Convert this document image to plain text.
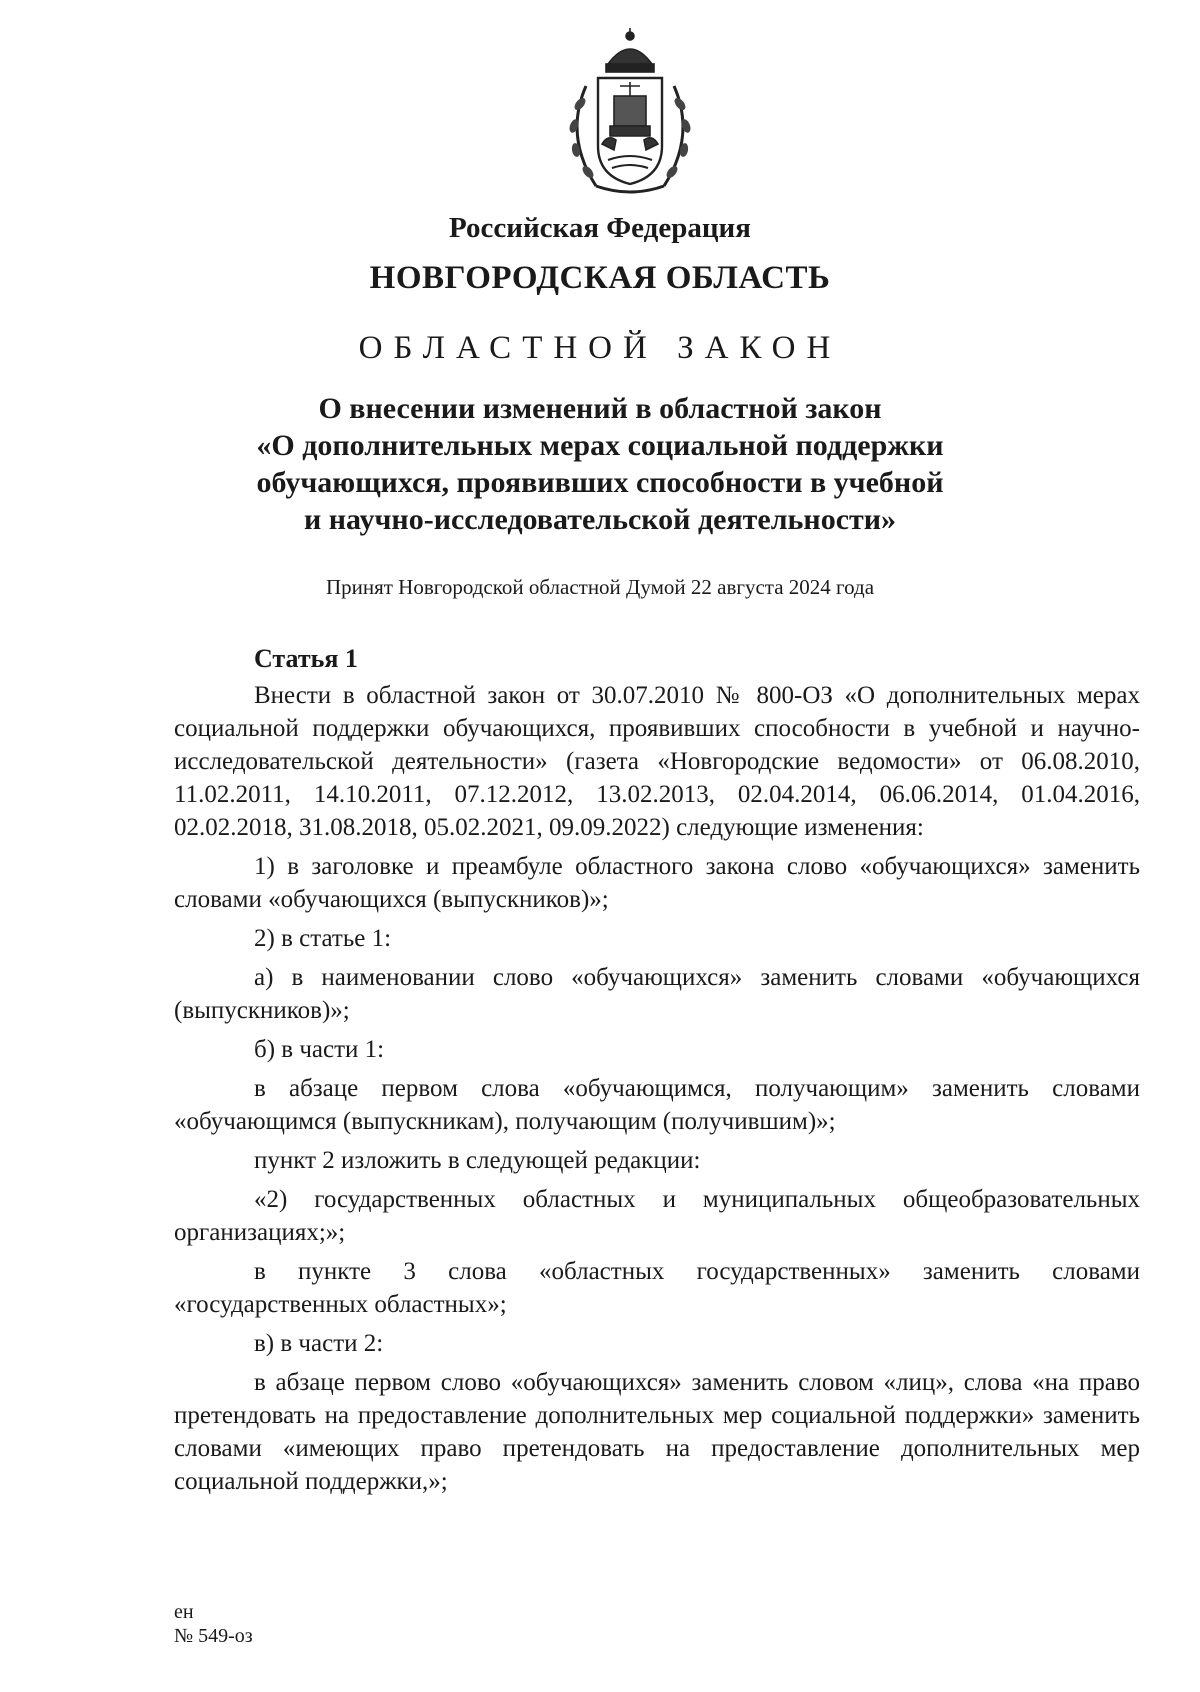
Российская Федерация
НОВГОРОДСКАЯ ОБЛАСТЬ
ОБЛАСТНОЙ ЗАКОН
О внесении изменений в областной закон
«О дополнительных мерах социальной поддержки
обучающихся, проявивших способности в учебной
и научно-исследовательской деятельности»
Принят Новгородской областной Думой 22 августа 2024 года
Статья 1

Внести в областной закон от 30.07.2010 № 800-ОЗ «О дополнительных мерах социальной поддержки обучающихся, проявивших способности в учебной и научно-исследовательской деятельности» (газета «Новгородские ведомости» от 06.08.2010, 11.02.2011, 14.10.2011, 07.12.2012, 13.02.2013, 02.04.2014, 06.06.2014, 01.04.2016, 02.02.2018, 31.08.2018, 05.02.2021, 09.09.2022) следующие изменения:

1) в заголовке и преамбуле областного закона слово «обучающихся» заменить словами «обучающихся (выпускников)»;

2) в статье 1:

а) в наименовании слово «обучающихся» заменить словами «обучающихся (выпускников)»;

б) в части 1:

в абзаце первом слова «обучающимся, получающим» заменить словами «обучающимся (выпускникам), получающим (получившим)»;

пункт 2 изложить в следующей редакции:

«2) государственных областных и муниципальных общеобразовательных организациях;»;

в пункте 3 слова «областных государственных» заменить словами «государственных областных»;

в) в части 2:

в абзаце первом слово «обучающихся» заменить словом «лиц», слова «на право претендовать на предоставление дополнительных мер социальной поддержки» заменить словами «имеющих право претендовать на предоставление дополнительных мер социальной поддержки,»;

ен
№ 549-оз
